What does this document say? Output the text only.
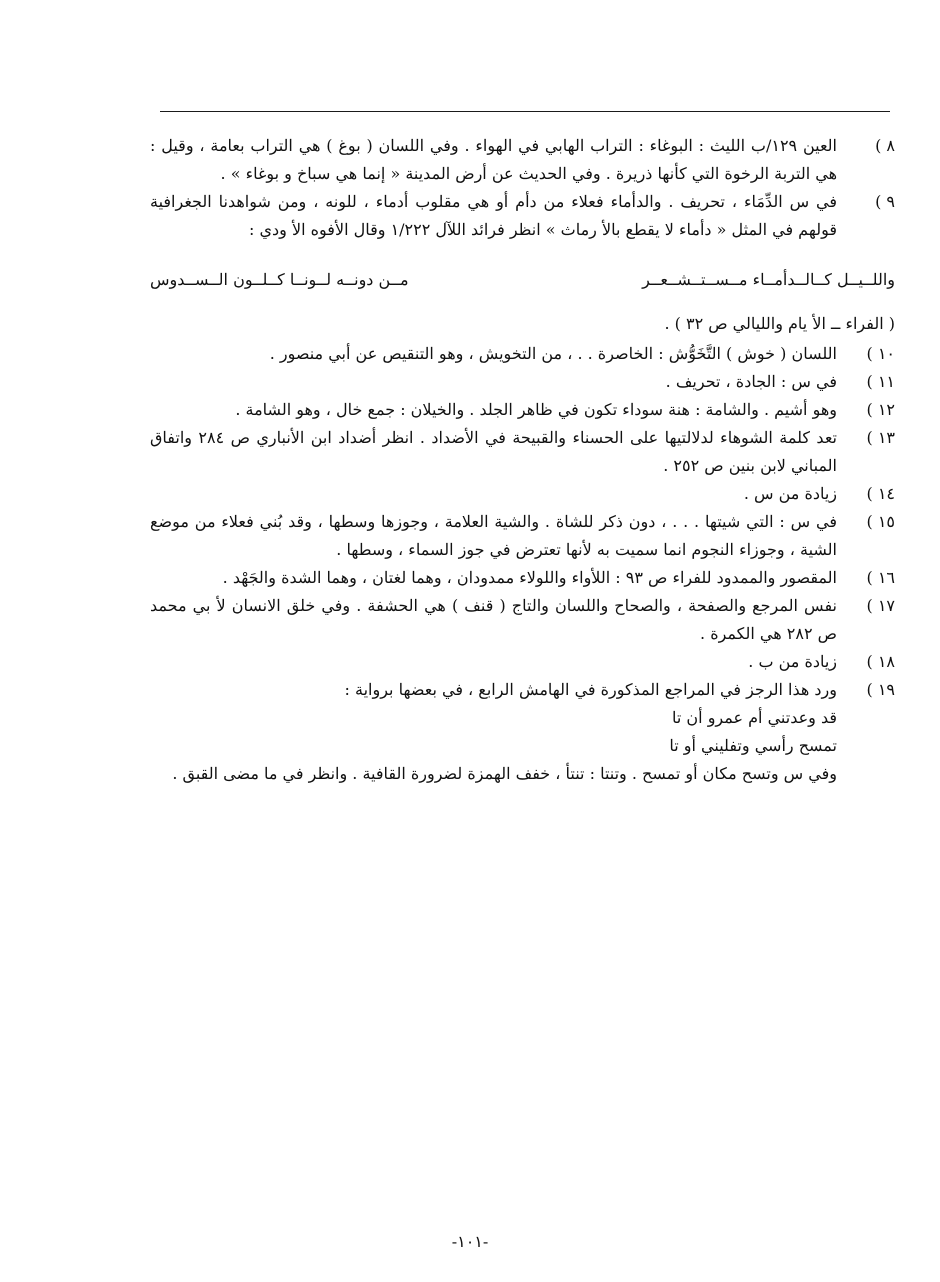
٨ )
العين ١٢٩/ب الليث : البوغاء : التراب الهابي في الهواء . وفي اللسان ( بوغ ) هي التراب بعامة ، وقيل : هي التربة الرخوة التي كأنها ذريرة . وفي الحديث عن أرض المدينة « إنما هي سباخ و بوغاء » .
٩ )
في س الدِّمَاء ، تحريف . والدأماء فعلاء من دأم أو هي مقلوب أدماء ، للونه ، ومن شواهدنا الجغرافية قولهم في المثل « دأماء لا يقطع بالأ رماث » انظر فرائد اللآل ١/٢٢٢ وقال الأفوه الأ ودي :
واللــيــل كــالــدأمــاء مــســتــشــعــر
مــن دونــه لــونــا كــلــون الــســدوس
( الفراء ــ الأ يام والليالي ص ٣٢ ) .
١٠ )
اللسان ( خوش ) التَّخَوُّش : الخاصرة . . ، من التخويش ، وهو التنقيص عن أبي منصور .
١١ )
في س : الجادة ، تحريف .
١٢ )
وهو أشيم . والشامة : هنة سوداء تكون في ظاهر الجلد . والخيلان : جمع خال ، وهو الشامة .
١٣ )
تعد كلمة الشوهاء لدلالتيها على الحسناء والقبيحة في الأضداد . انظر أضداد ابن الأنباري ص ٢٨٤ واتفاق المباني لابن بنين ص ٢٥٢ .
١٤ )
زيادة من س .
١٥ )
في س : التي شيتها . . . ، دون ذكر للشاة . والشية العلامة ، وجوزها وسطها ، وقد بُني فعلاء من موضع الشية ، وجوزاء النجوم انما سميت به لأنها تعترض في جوز السماء ، وسطها .
١٦ )
المقصور والممدود للفراء ص ٩٣ : اللأواء واللولاء ممدودان ، وهما لغتان ، وهما الشدة والجَهْد .
١٧ )
نفس المرجع والصفحة ، والصحاح واللسان والتاج ( قنف ) هي الحشفة . وفي خلق الانسان لأ بي محمد ص ٢٨٢ هي الكمرة .
١٨ )
زيادة من ب .
١٩ )
ورد هذا الرجز في المراجع المذكورة في الهامش الرابع ، في بعضها برواية :
قد وعدتني أم عمرو أن تا
تمسح رأسي وتفليني أو تا
وفي س وتسح مكان أو تمسح . وتنتا : تنتأ ، خفف الهمزة لضرورة القافية . وانظر في ما مضى القبق .
-١٠١-
